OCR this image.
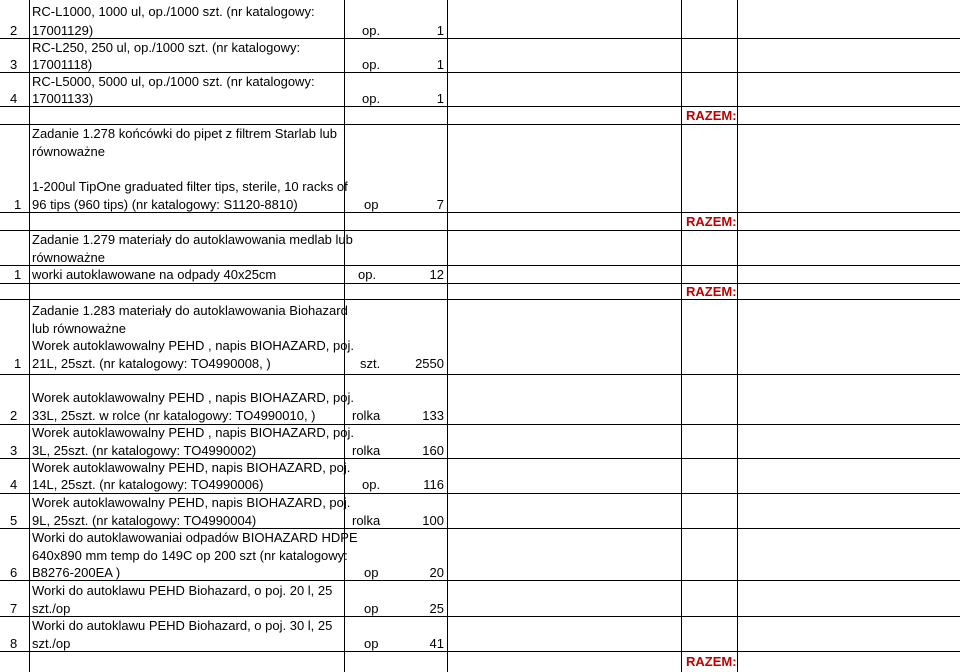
2
RC-L1000, 1000 ul, op./1000 szt. (nr katalogowy:
17001129)	op.	1
3
RC-L250, 250 ul, op./1000 szt. (nr katalogowy:
17001118)	op.	1
4
RC-L5000, 5000 ul, op./1000 szt. (nr katalogowy:
17001133)	op.	1
RAZEM:
Zadanie 1.278 końcówki do pipet z filtrem Starlab lub
równoważne
1
1-200ul TipOne graduated filter tips, sterile, 10 racks of
96 tips (960 tips) (nr katalogowy: S1120-8810)	op	7
RAZEM:
Zadanie 1.279 materiały do autoklawowania medlab lub
równoważne
1 worki autoklawowane na odpady 40x25cm	op.	12
RAZEM:
Zadanie 1.283 materiały do autoklawowania Biohazard
lub równoważne
1
Worek autoklawowalny PEHD , napis BIOHAZARD, poj.
21L, 25szt. (nr katalogowy: TO4990008, )	szt.	2550
2
Worek autoklawowalny PEHD , napis BIOHAZARD, poj.
33L, 25szt. w rolce (nr katalogowy: TO4990010, )	rolka	133
3
Worek autoklawowalny PEHD , napis BIOHAZARD, poj.
3L, 25szt. (nr katalogowy: TO4990002)	rolka	160
4
Worek autoklawowalny PEHD, napis BIOHAZARD, poj.
14L, 25szt. (nr katalogowy: TO4990006)	op.	116
5
Worek autoklawowalny PEHD, napis BIOHAZARD, poj.
9L, 25szt. (nr katalogowy: TO4990004)	rolka	100
6
Worki do autoklawowaniai odpadów BIOHAZARD HDPE
640x890 mm temp do 149C op 200 szt (nr katalogowy:
B8276-200EA )	op	20
7
Worki do autoklawu PEHD Biohazard, o poj. 20 l, 25
szt./op	op	25
8
Worki do autoklawu PEHD Biohazard, o poj. 30 l, 25
szt./op	op	41
RAZEM:
